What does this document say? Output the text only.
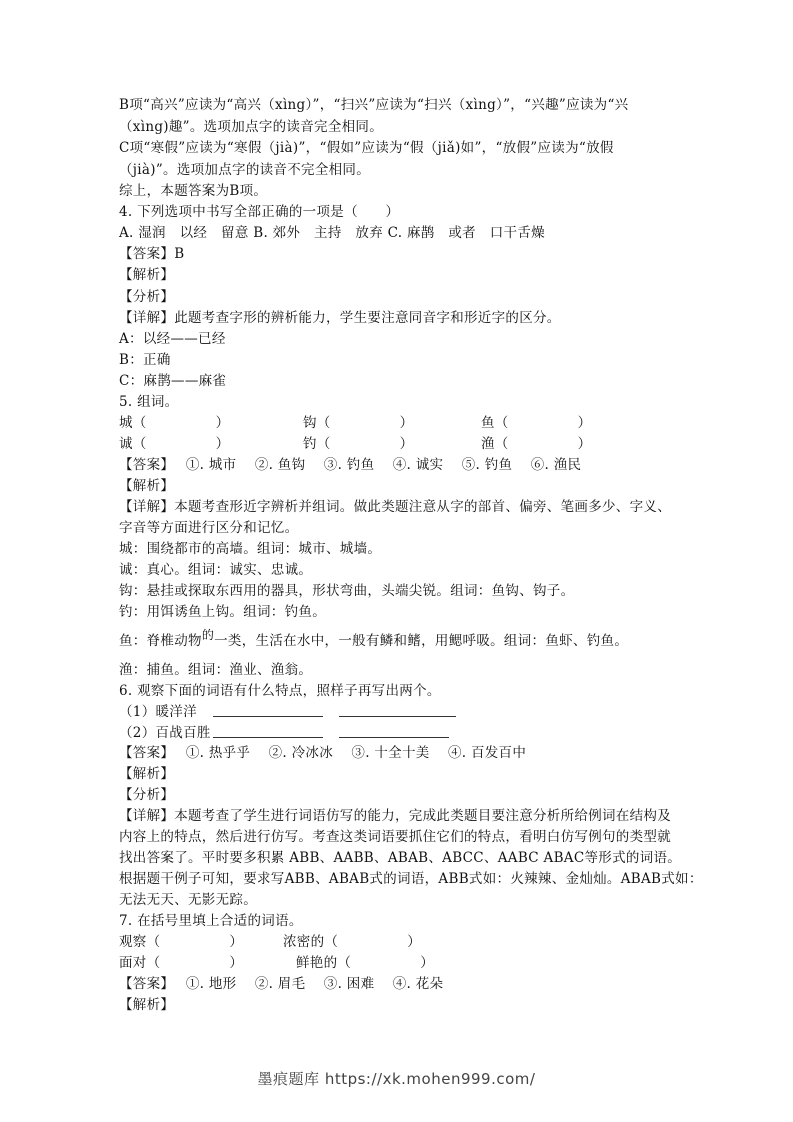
B项“高兴”应读为“高兴（xìng）”，“扫兴”应读为“扫兴（xìng）”，“兴趣”应读为“兴
（xìng)趣”。选项加点字的读音完全相同。
C项“寒假”应读为“寒假（jià)”，“假如”应读为“假（jiǎ)如”，“放假”应读为“放假
（jià)”。选项加点字的读音不完全相同。
综上，本题答案为B项。
4. 下列选项中书写全部正确的一项是（　　）
A. 湿润　以经　留意 B. 郊外　主持　放弃 C. 麻鹊　或者　口干舌燥
【答案】B
【解析】
【分析】
【详解】此题考查字形的辨析能力，学生要注意同音字和形近字的区分。
A：以经——已经
B：正确
C：麻鹊——麻雀
5. 组词。
城（　　　　　）	钩（　　　　　）	鱼（　　　　　）
诚（　　　　　）	钓（　　　　　）	渔（　　　　　）
【答案】　 ①. 城市　 ②. 鱼钩　 ③. 钓鱼　 ④. 诚实　 ⑤. 钓鱼　 ⑥. 渔民
【解析】
【详解】本题考查形近字辨析并组词。做此类题注意从字的部首、偏旁、笔画多少、字义、
字音等方面进行区分和记忆。
城：围绕都市的高墙。组词：城市、城墙。
诚：真心。组词：诚实、忠诚。
钩：悬挂或探取东西用的器具，形状弯曲，头端尖锐。组词：鱼钩、钩子。
钓：用饵诱鱼上钩。组词：钓鱼。
鱼：脊椎动物的一类，生活在水中，一般有鳞和鳍，用鳃呼吸。组词：鱼虾、钓鱼。
渔：捕鱼。组词：渔业、渔翁。
6. 观察下面的词语有什么特点，照样子再写出两个。
（1）暖洋洋
（2）百战百胜
【答案】　 ①. 热乎乎　 ②. 冷冰冰　 ③. 十全十美　 ④. 百发百中
【解析】
【分析】
【详解】本题考查了学生进行词语仿写的能力，完成此类题目要注意分析所给例词在结构及
内容上的特点，然后进行仿写。考查这类词语要抓住它们的特点，看明白仿写例句的类型就
找出答案了。平时要多积累 ABB、AABB、ABAB、ABCC、AABC ABAC等形式的词语。
根据题干例子可知，要求写ABB、ABAB式的词语，ABB式如：火辣辣、金灿灿。ABAB式如：
无法无天、无影无踪。
7. 在括号里填上合适的词语。
观察（　　　　　）	浓密的（　　　　　）
面对（　　　　　）	鲜艳的（　　　　　）
【答案】　 ①. 地形　 ②. 眉毛　 ③. 困难　 ④. 花朵
【解析】
墨痕题库 https://xk.mohen999.com/
